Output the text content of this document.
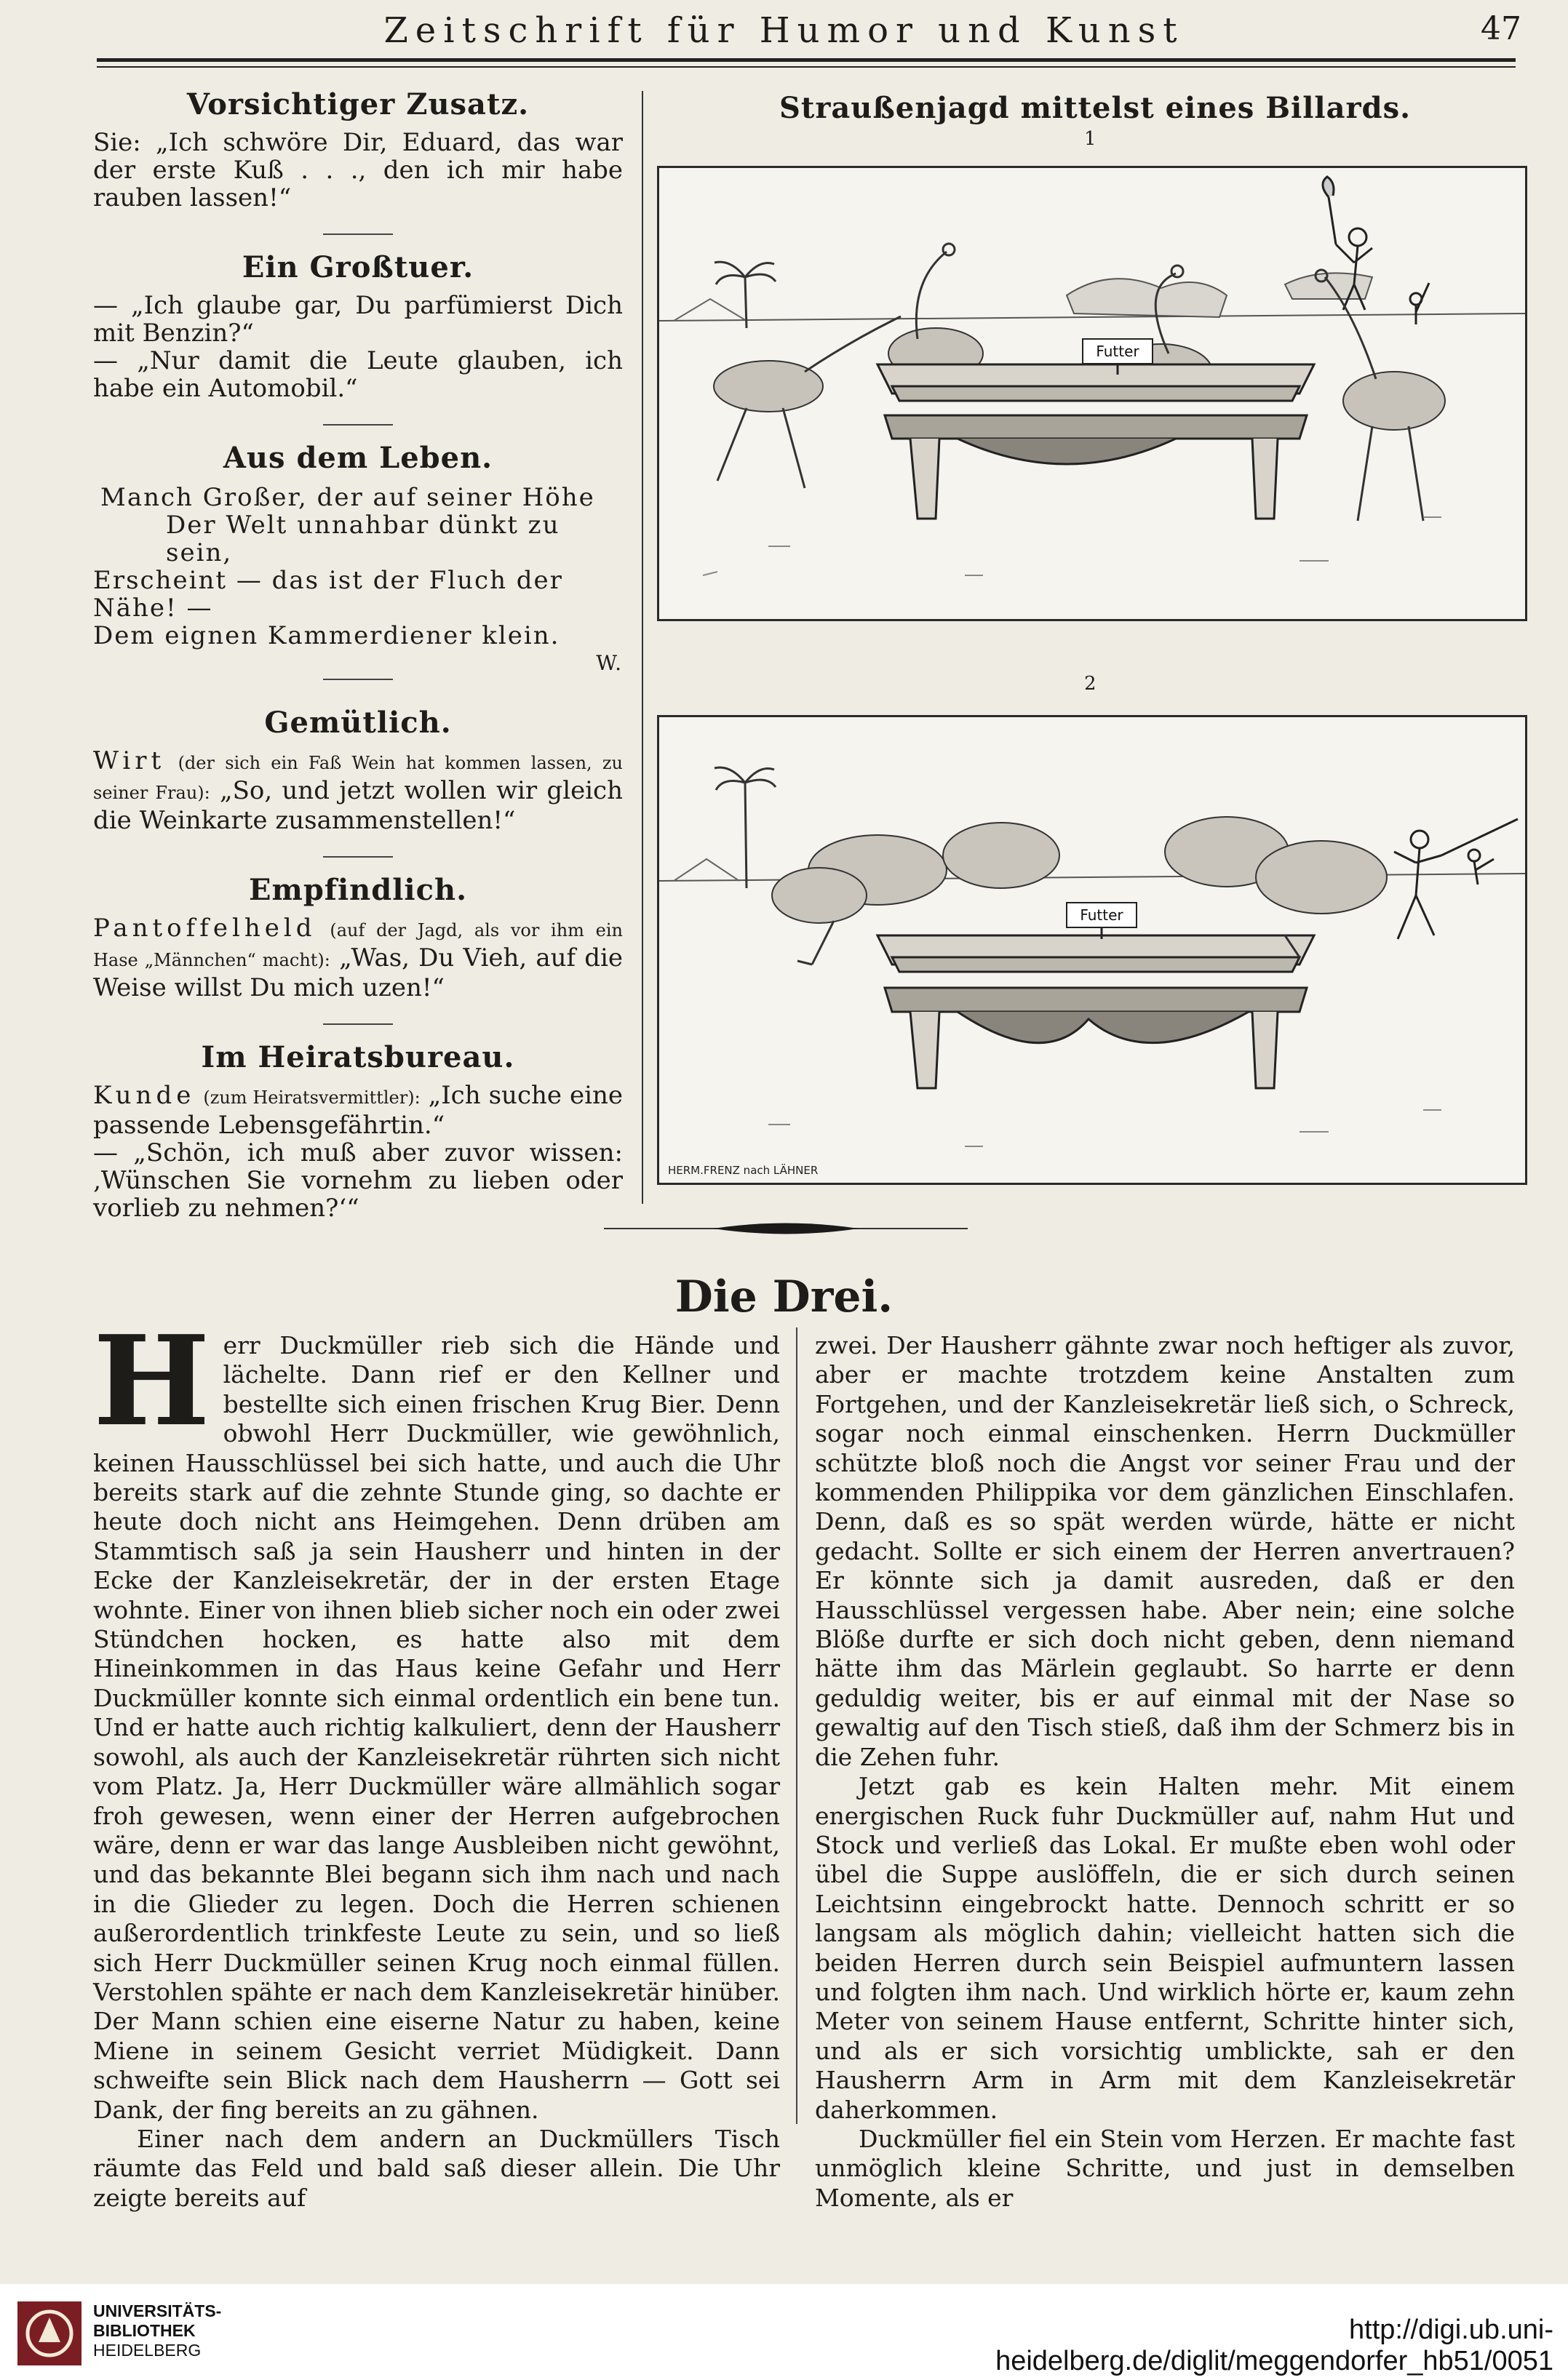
Zeitschrift für Humor und Kunst	47
Vorsichtiger Zusatz.
Sie: „Ich schwöre Dir, Eduard, das war der erste Kuß . . ., den ich mir habe rauben lassen!“
Ein Großtuer.
— „Ich glaube gar, Du parfümierst Dich mit Benzin?“
— „Nur damit die Leute glauben, ich habe ein Automobil.“
Aus dem Leben.
Manch Großer, der auf seiner Höhe
Der Welt unnahbar dünkt zu sein,
Erscheint — das ist der Fluch der Nähe! —
Dem eignen Kammerdiener klein.
W.
Gemütlich.
Wirt (der sich ein Faß Wein hat kommen lassen, zu seiner Frau): „So, und jetzt wollen wir gleich die Weinkarte zusammenstellen!“
Empfindlich.
Pantoffelheld (auf der Jagd, als vor ihm ein Hase „Männchen“ macht): „Was, Du Vieh, auf die Weise willst Du mich uzen!“
Im Heiratsbureau.
Kunde (zum Heiratsvermittler): „Ich suche eine passende Lebensgefährtin.“
— „Schön, ich muß aber zuvor wissen: ‚Wünschen Sie vornehm zu lieben oder vorlieb zu nehmen?‘“
Straußenjagd mittelst eines Billards.
1
Futter
2
Futter
HERM.FRENZ nach LÄHNER
Die Drei.
H err Duckmüller rieb sich die Hände und lächelte. Dann rief er den Kellner und bestellte sich einen frischen Krug Bier. Denn obwohl Herr Duckmüller, wie gewöhnlich, keinen Hausschlüssel bei sich hatte, und auch die Uhr bereits stark auf die zehnte Stunde ging, so dachte er heute doch nicht ans Heimgehen. Denn drüben am Stammtisch saß ja sein Hausherr und hinten in der Ecke der Kanzleisekretär, der in der ersten Etage wohnte. Einer von ihnen blieb sicher noch ein oder zwei Stündchen hocken, es hatte also mit dem Hineinkommen in das Haus keine Gefahr und Herr Duckmüller konnte sich einmal ordentlich ein bene tun. Und er hatte auch richtig kalkuliert, denn der Hausherr sowohl, als auch der Kanzleisekretär rührten sich nicht vom Platz. Ja, Herr Duckmüller wäre allmählich sogar froh gewesen, wenn einer der Herren aufgebrochen wäre, denn er war das lange Ausbleiben nicht gewöhnt, und das bekannte Blei begann sich ihm nach und nach in die Glieder zu legen. Doch die Herren schienen außerordentlich trinkfeste Leute zu sein, und so ließ sich Herr Duckmüller seinen Krug noch einmal füllen. Verstohlen spähte er nach dem Kanzleisekretär hinüber. Der Mann schien eine eiserne Natur zu haben, keine Miene in seinem Gesicht verriet Müdigkeit. Dann schweifte sein Blick nach dem Hausherrn — Gott sei Dank, der fing bereits an zu gähnen.
Einer nach dem andern an Duckmüllers Tisch räumte das Feld und bald saß dieser allein. Die Uhr zeigte bereits auf
zwei. Der Hausherr gähnte zwar noch heftiger als zuvor, aber er machte trotzdem keine Anstalten zum Fortgehen, und der Kanzleisekretär ließ sich, o Schreck, sogar noch einmal einschenken. Herrn Duckmüller schützte bloß noch die Angst vor seiner Frau und der kommenden Philippika vor dem gänzlichen Einschlafen. Denn, daß es so spät werden würde, hätte er nicht gedacht. Sollte er sich einem der Herren anvertrauen? Er könnte sich ja damit ausreden, daß er den Hausschlüssel vergessen habe. Aber nein; eine solche Blöße durfte er sich doch nicht geben, denn niemand hätte ihm das Märlein geglaubt. So harrte er denn geduldig weiter, bis er auf einmal mit der Nase so gewaltig auf den Tisch stieß, daß ihm der Schmerz bis in die Zehen fuhr.
Jetzt gab es kein Halten mehr. Mit einem energischen Ruck fuhr Duckmüller auf, nahm Hut und Stock und verließ das Lokal. Er mußte eben wohl oder übel die Suppe auslöffeln, die er sich durch seinen Leichtsinn eingebrockt hatte. Dennoch schritt er so langsam als möglich dahin; vielleicht hatten sich die beiden Herren durch sein Beispiel aufmuntern lassen und folgten ihm nach. Und wirklich hörte er, kaum zehn Meter von seinem Hause entfernt, Schritte hinter sich, und als er sich vorsichtig umblickte, sah er den Hausherrn Arm in Arm mit dem Kanzleisekretär daherkommen.
Duckmüller fiel ein Stein vom Herzen. Er machte fast unmöglich kleine Schritte, und just in demselben Momente, als er
UNIVERSITÄTS-
BIBLIOTHEK
HEIDELBERG
http://digi.ub.uni-heidelberg.de/diglit/meggendorfer_hb51/0051
